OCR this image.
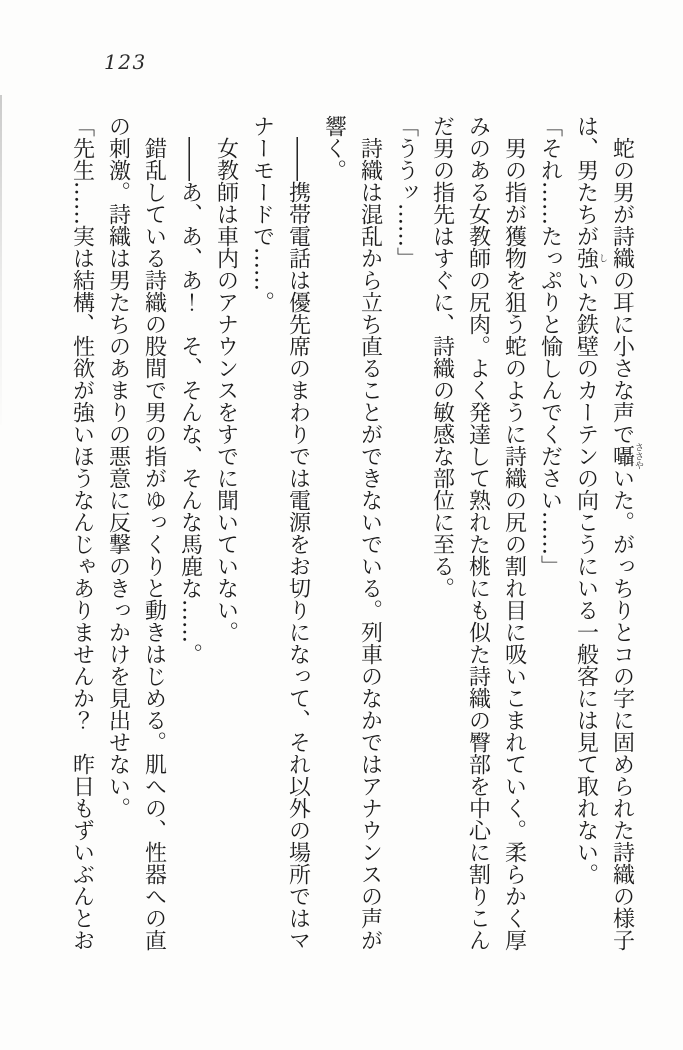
123

蛇の男が詩織の耳に小さな声で囁ささやいた。がっちりとコの字に固められた詩織の様子は、男たちが強しいた鉄壁のカーテンの向こうにいる一般客には見て取れない。

「それ……たっぷりと愉しんでください……」

男の指が獲物を狙う蛇のように詩織の尻の割れ目に吸いこまれていく。柔らかく厚みのある女教師の尻肉。よく発達して熟れた桃にも似た詩織の臀部を中心に割りこんだ男の指先はすぐに、詩織の敏感な部位に至る。

「ううッ……」

詩織は混乱から立ち直ることができないでいる。列車のなかではアナウンスの声が響く。

――携帯電話は優先席のまわりでは電源をお切りになって、それ以外の場所ではマナーモードで……。

女教師は車内のアナウンスをすでに聞いていない。

――あ、あ、あ！　そ、そんな、そんな馬鹿な……。

錯乱している詩織の股間で男の指がゆっくりと動きはじめる。肌への、性器への直の刺激。詩織は男たちのあまりの悪意に反撃のきっかけを見出せない。

「先生……実は結構、性欲が強いほうなんじゃありませんか？　昨日もずいぶんとお
